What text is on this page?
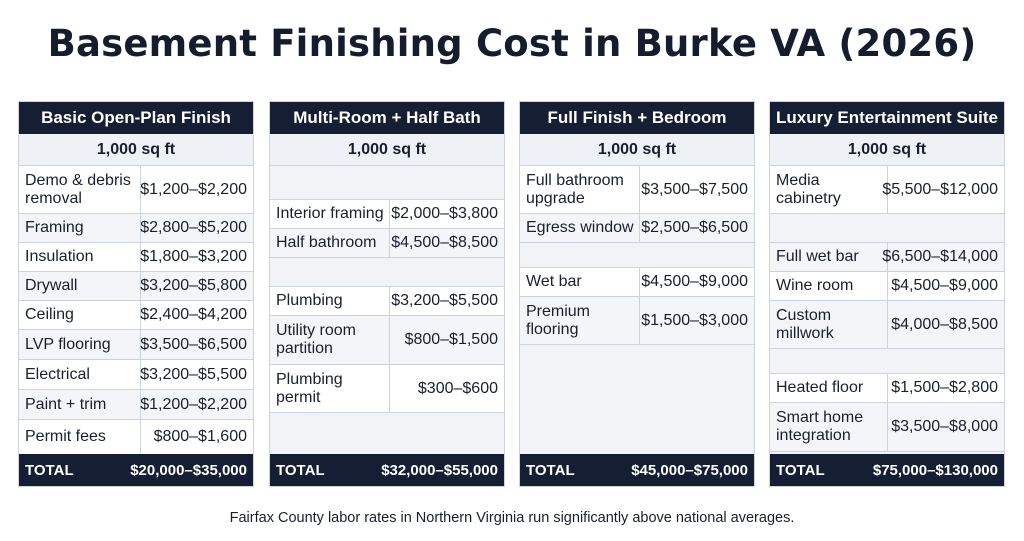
Basement Finishing Cost in Burke VA (2026)
Basic Open-Plan Finish
1,000 sq ft
Demo & debris removal
$1,200–$2,200
Framing	$2,800–$5,200
Insulation	$1,800–$3,200
Drywall	$3,200–$5,800
Ceiling	$2,400–$4,200
LVP flooring	$3,500–$6,500
Electrical	$3,200–$5,500
Paint + trim	$1,200–$2,200
Permit fees	$800–$1,600
TOTAL	$20,000–$35,000
Multi-Room + Half Bath
1,000 sq ft
Interior framing $2,000–$3,800
Half bathroom $4,500–$8,500
Plumbing	$3,200–$5,500
Utility room partition
$800–$1,500
Plumbing permit
$300–$600
TOTAL	$32,000–$55,000
Full Finish + Bedroom
1,000 sq ft
Full bathroom upgrade
$3,500–$7,500
Egress window $2,500–$6,500
Wet bar	$4,500–$9,000
Premium flooring
$1,500–$3,000
TOTAL	$45,000–$75,000
Luxury Entertainment Suite
1,000 sq ft
Media cabinetry
$5,500–$12,000
Full wet bar	$6,500–$14,000
Wine room	$4,500–$9,000
Custom millwork
$4,000–$8,500
Heated floor	$1,500–$2,800
Smart home integration
$3,500–$8,000
TOTAL	$75,000–$130,000
Fairfax County labor rates in Northern Virginia run significantly above national averages.
